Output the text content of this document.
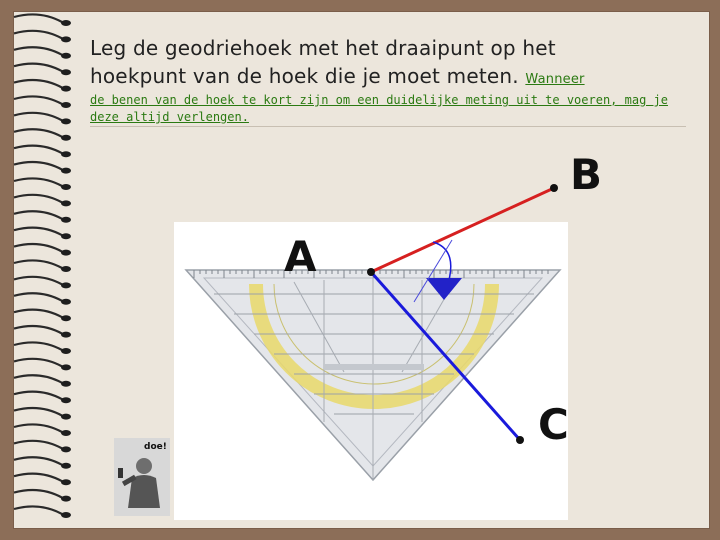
Leg de geodriehoek met het draaipunt op het
hoekpunt van de hoek die je moet meten. Wanneer
de benen van de hoek te kort zijn om een duidelijke meting uit te voeren, mag je deze altijd verlengen.
doe!
A
B
C
